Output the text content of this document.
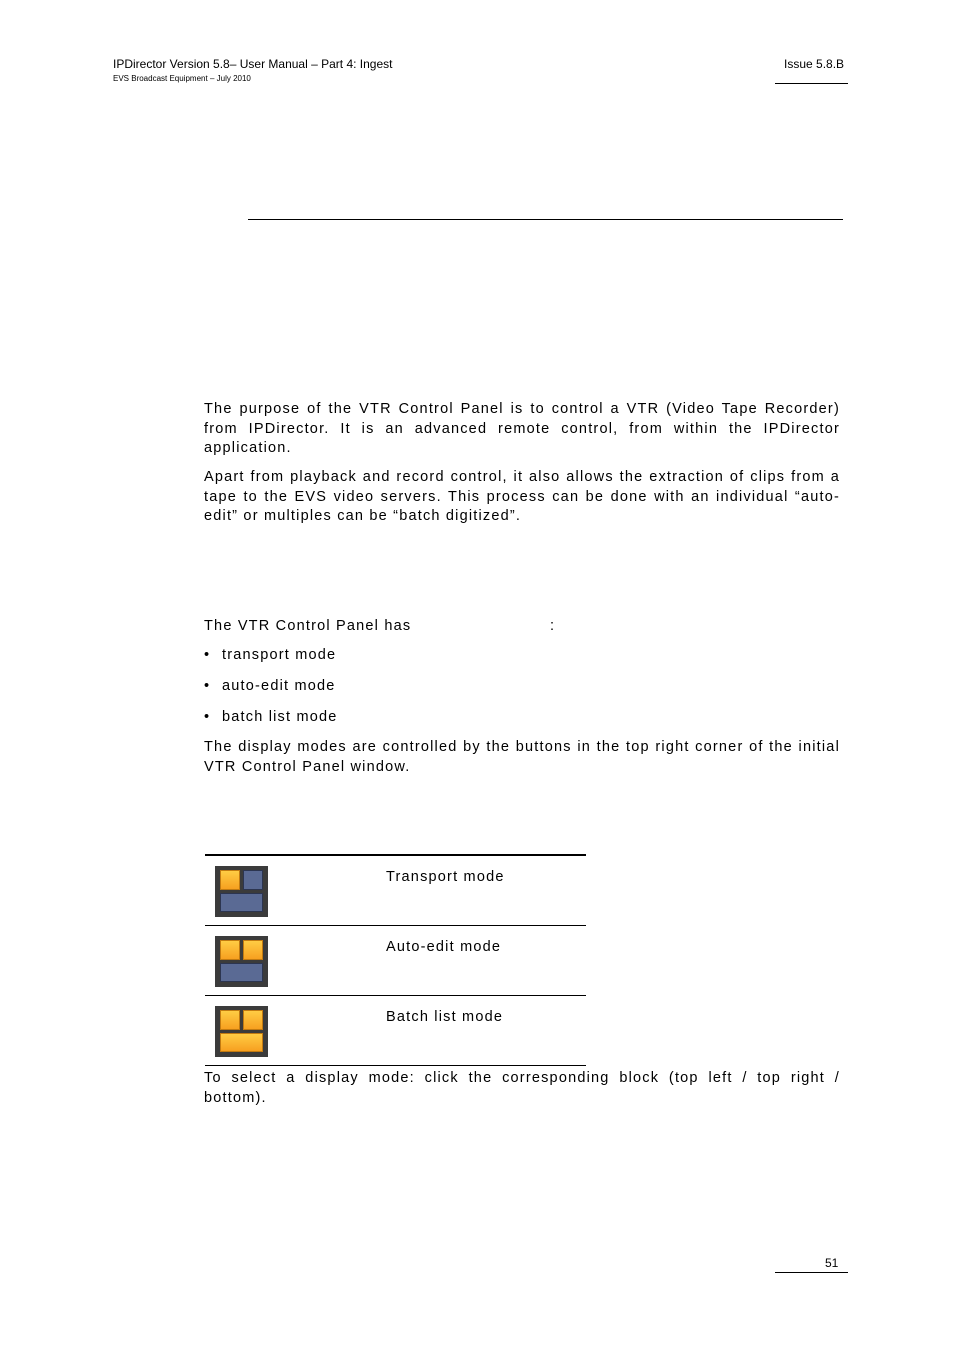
IPDirector Version 5.8– User Manual – Part 4: Ingest
EVS Broadcast Equipment – July 2010
Issue 5.8.B

The purpose of the VTR Control Panel is to control a VTR (Video Tape Recorder) from IPDirector. It is an advanced remote control, from within the IPDirector application.

Apart from playback and record control, it also allows the extraction of clips from a tape to the EVS video servers. This process can be done with an individual “auto-edit” or multiples can be “batch digitized”.

The VTR Control Panel has	:
• transport mode
• auto-edit mode
• batch list mode

The display modes are controlled by the buttons in the top right corner of the initial VTR Control Panel window.

Transport mode
Auto-edit mode
Batch list mode

To select a display mode: click the corresponding block (top left / top right / bottom).

51
